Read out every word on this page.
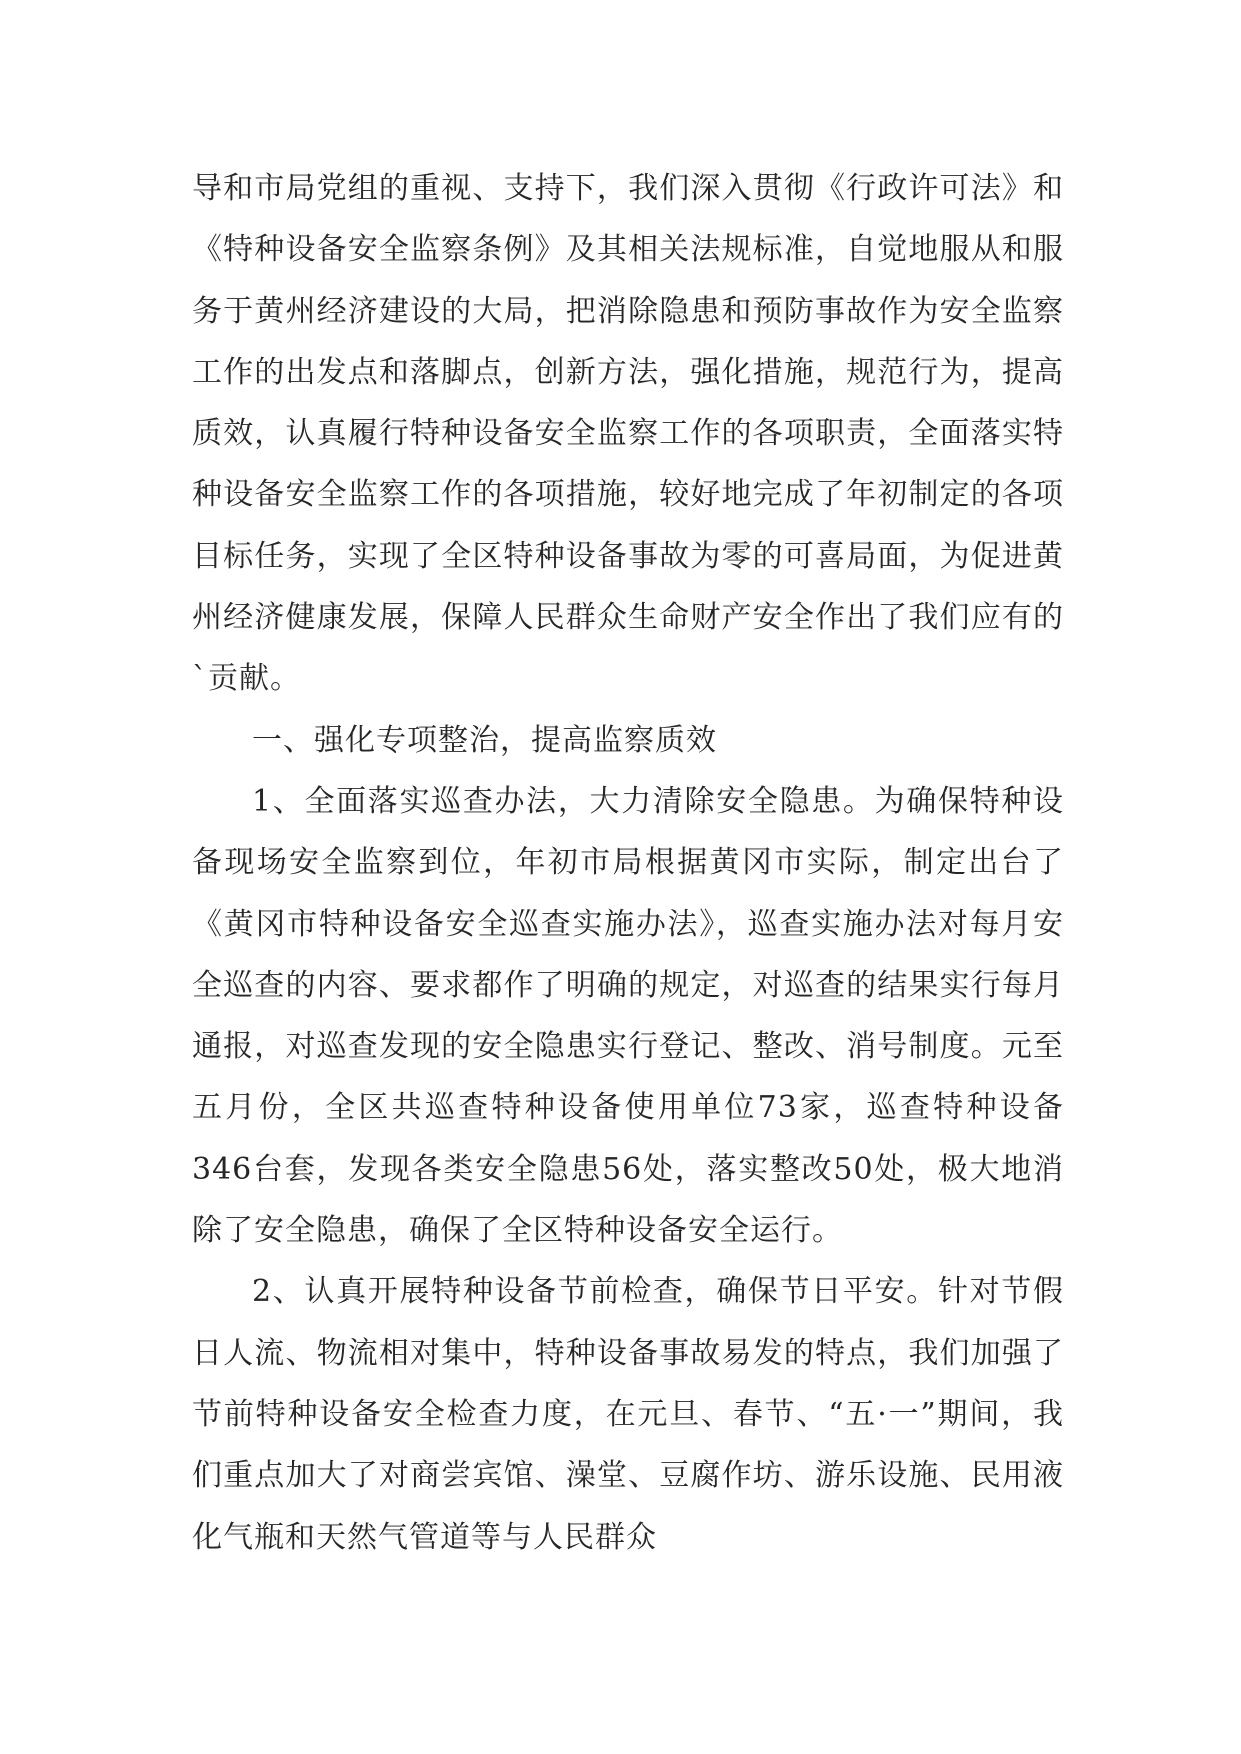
导和市局党组的重视、支持下，我们深入贯彻《行政许可法》和《特种设备安全监察条例》及其相关法规标准，自觉地服从和服务于黄州经济建设的大局，把消除隐患和预防事故作为安全监察工作的出发点和落脚点，创新方法，强化措施，规范行为，提高质效，认真履行特种设备安全监察工作的各项职责，全面落实特种设备安全监察工作的各项措施，较好地完成了年初制定的各项目标任务，实现了全区特种设备事故为零的可喜局面，为促进黄州经济健康发展，保障人民群众生命财产安全作出了我们应有的`贡献。

一、强化专项整治，提高监察质效

1、全面落实巡查办法，大力清除安全隐患。为确保特种设备现场安全监察到位，年初市局根据黄冈市实际，制定出台了《黄冈市特种设备安全巡查实施办法》，巡查实施办法对每月安全巡查的内容、要求都作了明确的规定，对巡查的结果实行每月通报，对巡查发现的安全隐患实行登记、整改、消号制度。元至五月份，全区共巡查特种设备使用单位73家，巡查特种设备346台套，发现各类安全隐患56处，落实整改50处，极大地消除了安全隐患，确保了全区特种设备安全运行。

2、认真开展特种设备节前检查，确保节日平安。针对节假日人流、物流相对集中，特种设备事故易发的特点，我们加强了节前特种设备安全检查力度，在元旦、春节、“五·一”期间，我们重点加大了对商尝宾馆、澡堂、豆腐作坊、游乐设施、民用液化气瓶和天然气管道等与人民群众
